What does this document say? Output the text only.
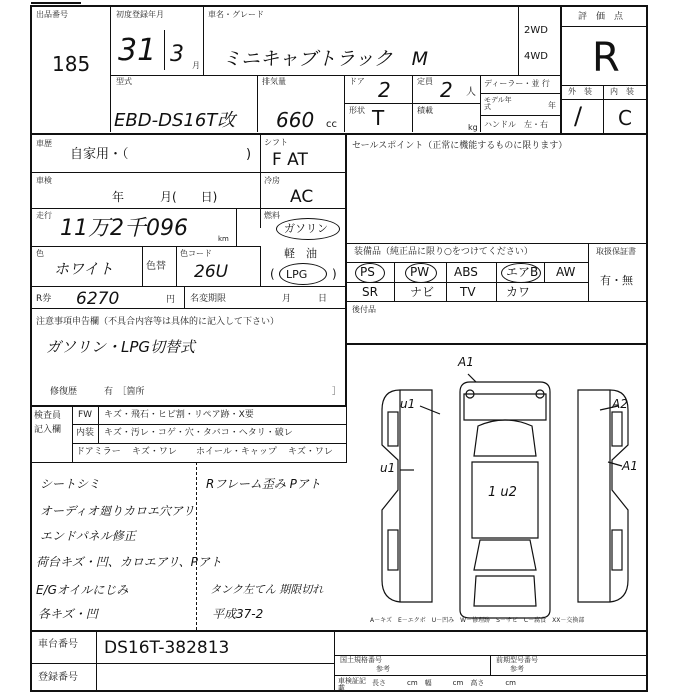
出品番号
185
初度登録年月
31 3 月
車名・グレード
ミニキャブトラック　M
2WD
4WD
評　価　点
R
型式
EBD-DS16T改
排気量
660 cc
ドア 2	定員 2 人
形状 T	積載
kg
ディーラー・並 行
モデル年式	年
ハンドル　左・右
外　装 内　装
/ C
車歴
自家用・（	)
シフト
F AT
セールスポイント（正常に機能するものに限ります）
車検
年　　　月(　　日)
冷房
AC
走行
11万2千096	km
燃料
ガソリン
軽　油
( LPG )
色
ホワイト	色替
色コード
26U
R券 6270	円 名変期限	月　　　日
注意事項申告欄（不具合内容等は具体的に記入して下さい）
ガソリン・LPG切替式
修復歴	有　［箇所	］
装備品（純正品に限り○をつけてください）	取扱保証書
有・無
PS	PW ABS エアB AW
SR	ナビ TV	カワ
後付品
検査員
記入欄
FW キズ・飛石・ヒビ割・リペア跡・X要
内装 キズ・汚レ・コゲ・穴・タバコ・ヘタリ・破レ
ドアミラー キズ・ワレ ホイール・キャップ キズ・ワレ
シートシミ
オーディオ廻りカロエ穴アリ
エンドパネル修正
荷台キズ・凹、カロエアリ、Pアト
E/Gオイルにじみ
各キズ・凹
Rフレーム歪み Pアト
タンク左てん 期限切れ
平成37-2
A1
u1	A2
u1	A1
1 u2
A－キズ　E－エクボ　U－凹み　W－修理跡　S－サビ　C－腐食　XX－交換部
車台番号 DS16T-382813
登録番号
国土規格番号	前期型号番号
参考	参考
車検証記載
長さ　　　cm　幅　　　cm　高さ　　　cm
